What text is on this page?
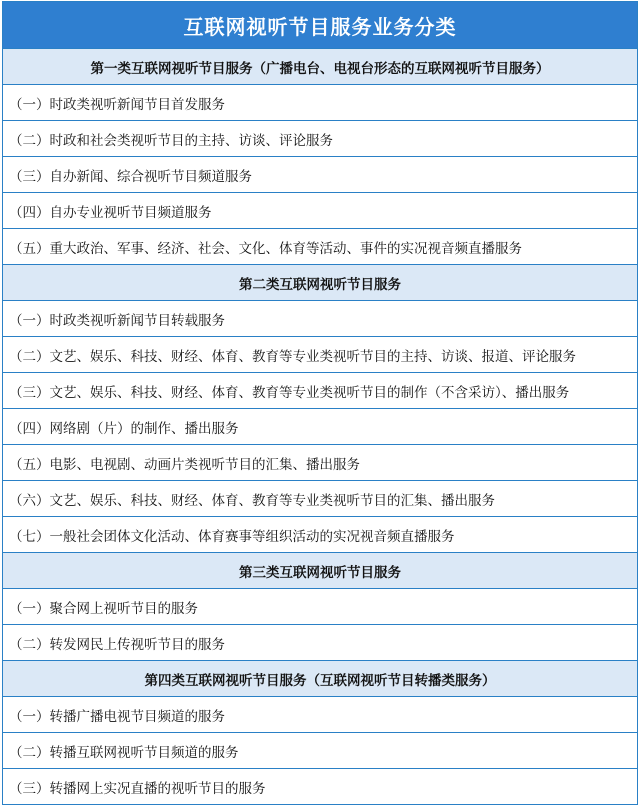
互联网视听节目服务业务分类
第一类互联网视听节目服务（广播电台、电视台形态的互联网视听节目服务）
（一）时政类视听新闻节目首发服务
（二）时政和社会类视听节目的主持、访谈、评论服务
（三）自办新闻、综合视听节目频道服务
（四）自办专业视听节目频道服务
（五）重大政治、军事、经济、社会、文化、体育等活动、事件的实况视音频直播服务
第二类互联网视听节目服务
（一）时政类视听新闻节目转载服务
（二）文艺、娱乐、科技、财经、体育、教育等专业类视听节目的主持、访谈、报道、评论服务
（三）文艺、娱乐、科技、财经、体育、教育等专业类视听节目的制作（不含采访）、播出服务
（四）网络剧（片）的制作、播出服务
（五）电影、电视剧、动画片类视听节目的汇集、播出服务
（六）文艺、娱乐、科技、财经、体育、教育等专业类视听节目的汇集、播出服务
（七）一般社会团体文化活动、体育赛事等组织活动的实况视音频直播服务
第三类互联网视听节目服务
（一）聚合网上视听节目的服务
（二）转发网民上传视听节目的服务
第四类互联网视听节目服务（互联网视听节目转播类服务）
（一）转播广播电视节目频道的服务
（二）转播互联网视听节目频道的服务
（三）转播网上实况直播的视听节目的服务
